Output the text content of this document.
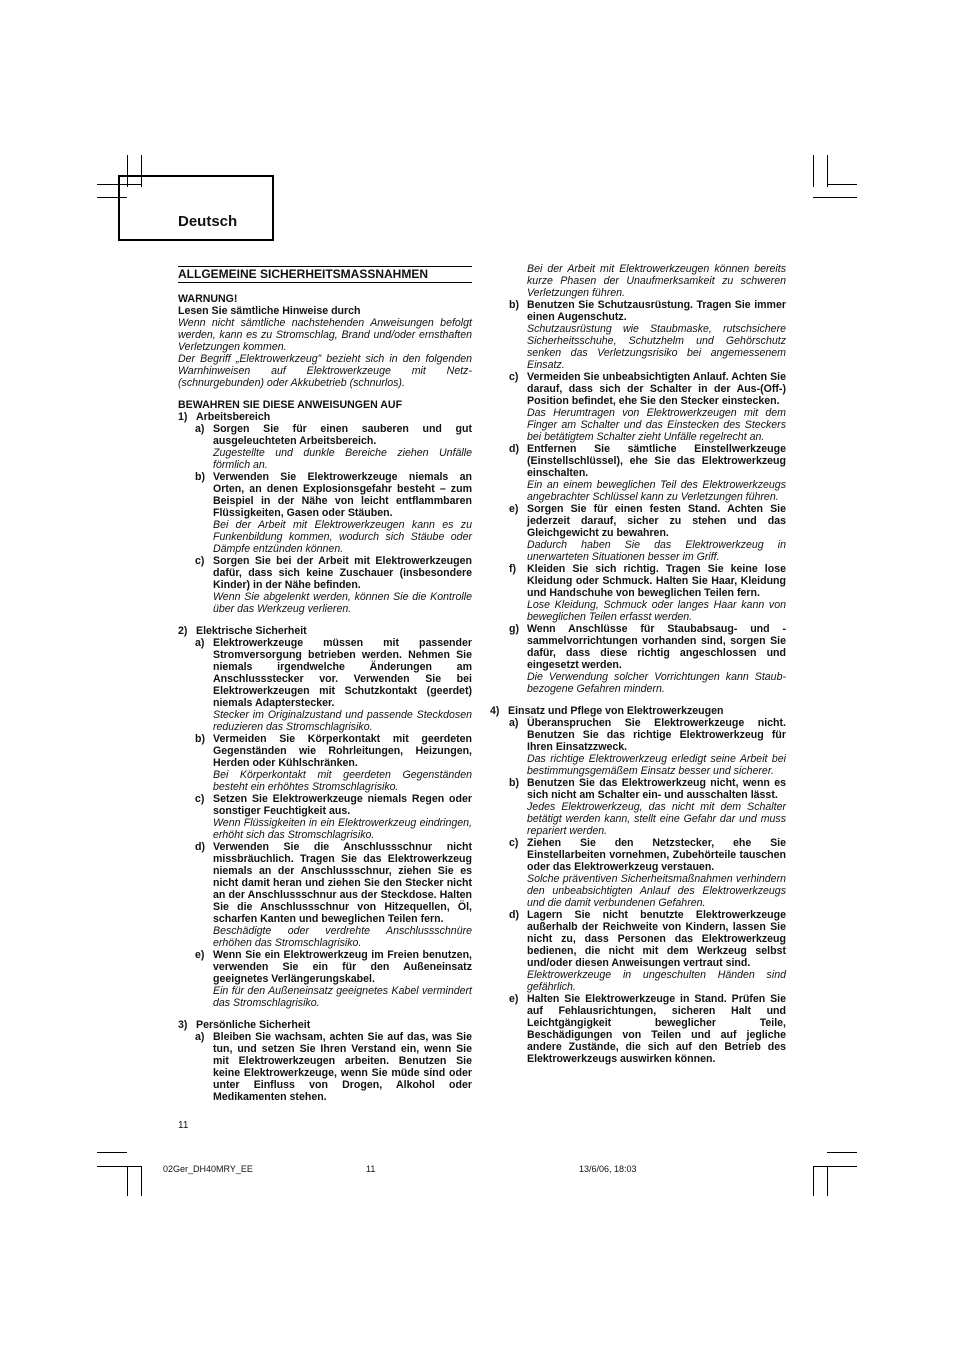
Deutsch
ALLGEMEINE SICHERHEITSMASSNAHMEN
WARNUNG!
Lesen Sie sämtliche Hinweise durch
Wenn nicht sämtliche nachstehenden Anweisungen befolgt werden, kann es zu Stromschlag, Brand und/oder ernsthaften Verletzungen kommen.
Der Begriff „Elektrowerkzeug” bezieht sich in den folgenden Warnhinweisen auf Elektrowerkzeuge mit Netz-(schnurgebunden) oder Akkubetrieb (schnurlos).
BEWAHREN SIE DIESE ANWEISUNGEN AUF
1) Arbeitsbereich
a) Sorgen Sie für einen sauberen und gut ausgeleuchteten Arbeitsbereich.
Zugestellte und dunkle Bereiche ziehen Unfälle förmlich an.
b) Verwenden Sie Elektrowerkzeuge niemals an Orten, an denen Explosionsgefahr besteht – zum Beispiel in der Nähe von leicht entflammbaren Flüssigkeiten, Gasen oder Stäuben.
Bei der Arbeit mit Elektrowerkzeugen kann es zu Funkenbildung kommen, wodurch sich Stäube oder Dämpfe entzünden können.
c) Sorgen Sie bei der Arbeit mit Elektrowerkzeugen dafür, dass sich keine Zuschauer (insbesondere Kinder) in der Nähe befinden.
Wenn Sie abgelenkt werden, können Sie die Kontrolle über das Werkzeug verlieren.
2) Elektrische Sicherheit
a) Elektrowerkzeuge müssen mit passender Stromversorgung betrieben werden. Nehmen Sie niemals irgendwelche Änderungen am Anschlussstecker vor. Verwenden Sie bei Elektrowerkzeugen mit Schutzkontakt (geerdet) niemals Adapterstecker.
Stecker im Originalzustand und passende Steckdosen reduzieren das Stromschlagrisiko.
b) Vermeiden Sie Körperkontakt mit geerdeten Gegenständen wie Rohrleitungen, Heizungen, Herden oder Kühlschränken.
Bei Körperkontakt mit geerdeten Gegenständen besteht ein erhöhtes Stromschlagrisiko.
c) Setzen Sie Elektrowerkzeuge niemals Regen oder sonstiger Feuchtigkeit aus.
Wenn Flüssigkeiten in ein Elektrowerkzeug eindringen, erhöht sich das Stromschlagrisiko.
d) Verwenden Sie die Anschlussschnur nicht missbräuchlich. Tragen Sie das Elektrowerkzeug niemals an der Anschlussschnur, ziehen Sie es nicht damit heran und ziehen Sie den Stecker nicht an der Anschlussschnur aus der Steckdose. Halten Sie die Anschlussschnur von Hitzequellen, Öl, scharfen Kanten und beweglichen Teilen fern.
Beschädigte oder verdrehte Anschlussschnüre erhöhen das Stromschlagrisiko.
e) Wenn Sie ein Elektrowerkzeug im Freien benutzen, verwenden Sie ein für den Außeneinsatz geeignetes Verlängerungskabel.
Ein für den Außeneinsatz geeignetes Kabel vermindert das Stromschlagrisiko.
3) Persönliche Sicherheit
a) Bleiben Sie wachsam, achten Sie auf das, was Sie tun, und setzen Sie Ihren Verstand ein, wenn Sie mit Elektrowerkzeugen arbeiten. Benutzen Sie keine Elektrowerkzeuge, wenn Sie müde sind oder unter Einfluss von Drogen, Alkohol oder Medikamenten stehen.
Bei der Arbeit mit Elektrowerkzeugen können bereits kurze Phasen der Unaufmerksamkeit zu schweren Verletzungen führen.
b) Benutzen Sie Schutzausrüstung. Tragen Sie immer einen Augenschutz.
Schutzausrüstung wie Staubmaske, rutschsichere Sicherheitsschuhe, Schutzhelm und Gehörschutz senken das Verletzungsrisiko bei angemessenem Einsatz.
c) Vermeiden Sie unbeabsichtigten Anlauf. Achten Sie darauf, dass sich der Schalter in der Aus-(Off-) Position befindet, ehe Sie den Stecker einstecken.
Das Herumtragen von Elektrowerkzeugen mit dem Finger am Schalter und das Einstecken des Steckers bei betätigtem Schalter zieht Unfälle regelrecht an.
d) Entfernen Sie sämtliche Einstellwerkzeuge (Einstellschlüssel), ehe Sie das Elektrowerkzeug einschalten.
Ein an einem beweglichen Teil des Elektrowerkzeugs angebrachter Schlüssel kann zu Verletzungen führen.
e) Sorgen Sie für einen festen Stand. Achten Sie jederzeit darauf, sicher zu stehen und das Gleichgewicht zu bewahren.
Dadurch haben Sie das Elektrowerkzeug in unerwarteten Situationen besser im Griff.
f)	Kleiden Sie sich richtig. Tragen Sie keine lose Kleidung oder Schmuck. Halten Sie Haar, Kleidung und Handschuhe von beweglichen Teilen fern.
Lose Kleidung, Schmuck oder langes Haar kann von beweglichen Teilen erfasst werden.
g) Wenn Anschlüsse für Staubabsaug- und -sammelvorrichtungen vorhanden sind, sorgen Sie dafür, dass diese richtig angeschlossen und eingesetzt werden.
Die Verwendung solcher Vorrichtungen kann Staub-bezogene Gefahren mindern.
4) Einsatz und Pflege von Elektrowerkzeugen
a) Überanspruchen Sie Elektrowerkzeuge nicht. Benutzen Sie das richtige Elektrowerkzeug für Ihren Einsatzzweck.
Das richtige Elektrowerkzeug erledigt seine Arbeit bei bestimmungsgemäßem Einsatz besser und sicherer.
b) Benutzen Sie das Elektrowerkzeug nicht, wenn es sich nicht am Schalter ein- und ausschalten lässt.
Jedes Elektrowerkzeug, das nicht mit dem Schalter betätigt werden kann, stellt eine Gefahr dar und muss repariert werden.
c) Ziehen Sie den Netzstecker, ehe Sie Einstellarbeiten vornehmen, Zubehörteile tauschen oder das Elektrowerkzeug verstauen.
Solche präventiven Sicherheitsmaßnahmen verhindern den unbeabsichtigten Anlauf des Elektrowerkzeugs und die damit verbundenen Gefahren.
d) Lagern Sie nicht benutzte Elektrowerkzeuge außerhalb der Reichweite von Kindern, lassen Sie nicht zu, dass Personen das Elektrowerkzeug bedienen, die nicht mit dem Werkzeug selbst und/oder diesen Anweisungen vertraut sind.
Elektrowerkzeuge in ungeschulten Händen sind gefährlich.
e) Halten Sie Elektrowerkzeuge in Stand. Prüfen Sie auf Fehlausrichtungen, sicheren Halt und Leichtgängigkeit beweglicher Teile, Beschädigungen von Teilen und auf jegliche andere Zustände, die sich auf den Betrieb des Elektrowerkzeugs auswirken können.
11
02Ger_DH40MRY_EE	11	13/6/06, 18:03
